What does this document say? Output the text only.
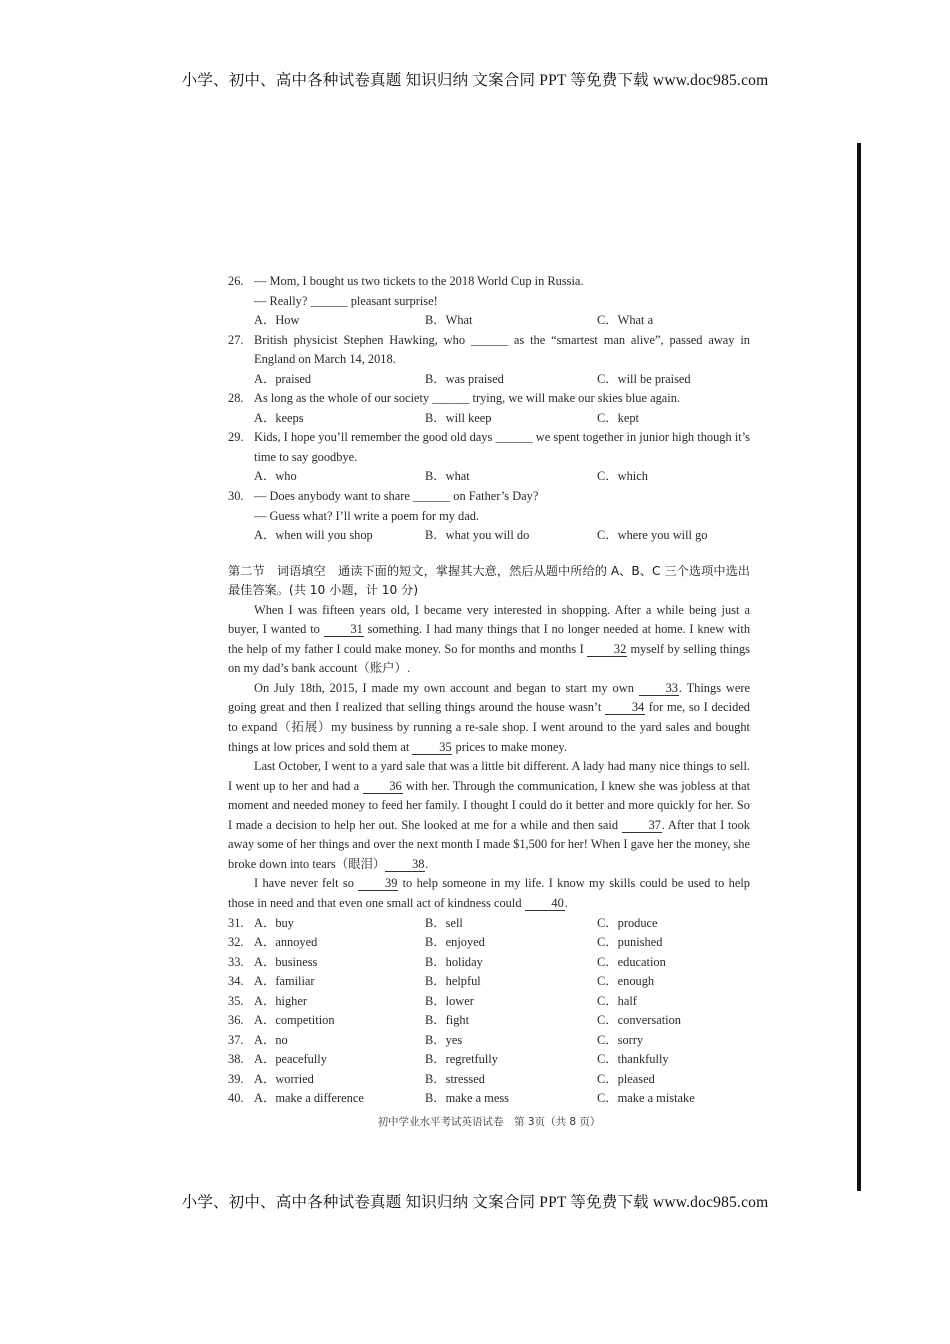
小学、初中、高中各种试卷真题 知识归纳 文案合同 PPT 等免费下载 www.doc985.com
26. — Mom, I bought us two tickets to the 2018 World Cup in Russia.
— Really? ______ pleasant surprise!
A．How	B．What	C．What a
27. British physicist Stephen Hawking, who ______ as the “smartest man alive”, passed away in England on March 14, 2018.
A．praised	B．was praised	C．will be praised
28. As long as the whole of our society ______ trying, we will make our skies blue again.
A．keeps	B．will keep	C．kept
29. Kids, I hope you’ll remember the good old days ______ we spent together in junior high though it’s time to say goodbye.
A．who	B．what	C．which
30. — Does anybody want to share ______ on Father’s Day?
— Guess what? I’ll write a poem for my dad.
A．when will you shop	B．what you will do	C．where you will go
第二节　词语填空　通读下面的短文，掌握其大意，然后从题中所给的 A、B、C 三个选项中选出最佳答案。(共 10 小题，计 10 分)
When I was fifteen years old, I became very interested in shopping. After a while being just a buyer, I wanted to 31 something. I had many things that I no longer needed at home. I knew with the help of my father I could make money. So for months and months I 32 myself by selling things on my dad’s bank account（账户）.
On July 18th, 2015, I made my own account and began to start my own 33. Things were going great and then I realized that selling things around the house wasn’t 34 for me, so I decided to expand（拓展）my business by running a re-sale shop. I went around to the yard sales and bought things at low prices and sold them at 35 prices to make money.
Last October, I went to a yard sale that was a little bit different. A lady had many nice things to sell. I went up to her and had a 36 with her. Through the communication, I knew she was jobless at that moment and needed money to feed her family. I thought I could do it better and more quickly for her. So I made a decision to help her out. She looked at me for a while and then said 37. After that I took away some of her things and over the next month I made $1,500 for her! When I gave her the money, she broke down into tears（眼泪） 38.
I have never felt so 39 to help someone in my life. I know my skills could be used to help those in need and that even one small act of kindness could 40.
31. A．buy	B．sell	C．produce
32. A．annoyed	B．enjoyed	C．punished
33. A．business	B．holiday	C．education
34. A．familiar	B．helpful	C．enough
35. A．higher	B．lower	C．half
36. A．competition	B．fight	C．conversation
37. A．no	B．yes	C．sorry
38. A．peacefully	B．regretfully	C．thankfully
39. A．worried	B．stressed	C．pleased
40. A．make a difference	B．make a mess	C．make a mistake
初中学业水平考试英语试卷　第 3页（共 8 页）
小学、初中、高中各种试卷真题 知识归纳 文案合同 PPT 等免费下载 www.doc985.com
